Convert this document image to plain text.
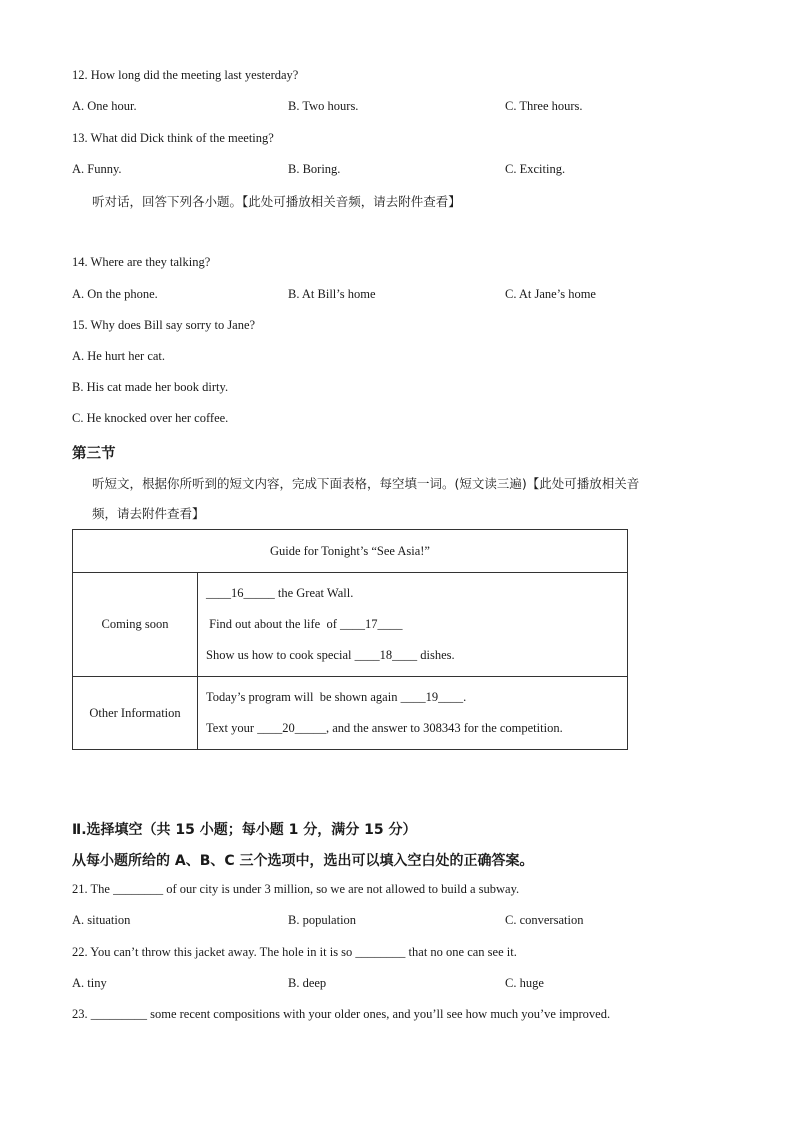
12. How long did the meeting last yesterday?
A. One hour.	B. Two hours.	C. Three hours.
13. What did Dick think of the meeting?
A. Funny.	B. Boring.	C. Exciting.
听对话，回答下列各小题。【此处可播放相关音频，请去附件查看】
14. Where are they talking?
A. On the phone.	B. At Bill’s home	C. At Jane’s home
15. Why does Bill say sorry to Jane?
A. He hurt her cat.
B. His cat made her book dirty.
C. He knocked over her coffee.
第三节
听短文，根据你所听到的短文内容，完成下面表格，每空填一词。(短文读三遍)【此处可播放相关音
频，请去附件查看】
Guide for Tonight’s “See Asia!”	
Coming soon	____16_____ the Great Wall.
Find out about the life  of ____17____
Show us how to cook special ____18____ dishes.

Other Information	Today’s program will  be shown again ____19____.
Text your ____20_____, and the answer to 308343 for the competition.
Ⅱ.选择填空（共 15 小题；每小题 1 分，满分 15 分）
从每小题所给的 A、B、C 三个选项中，选出可以填入空白处的正确答案。
21. The ________ of our city is under 3 million, so we are not allowed to build a subway.
A. situation	B. population	C. conversation
22. You can’t throw this jacket away. The hole in it is so ________ that no one can see it.
A. tiny	B. deep	C. huge
23. _________ some recent compositions with your older ones, and you’ll see how much you’ve improved.
